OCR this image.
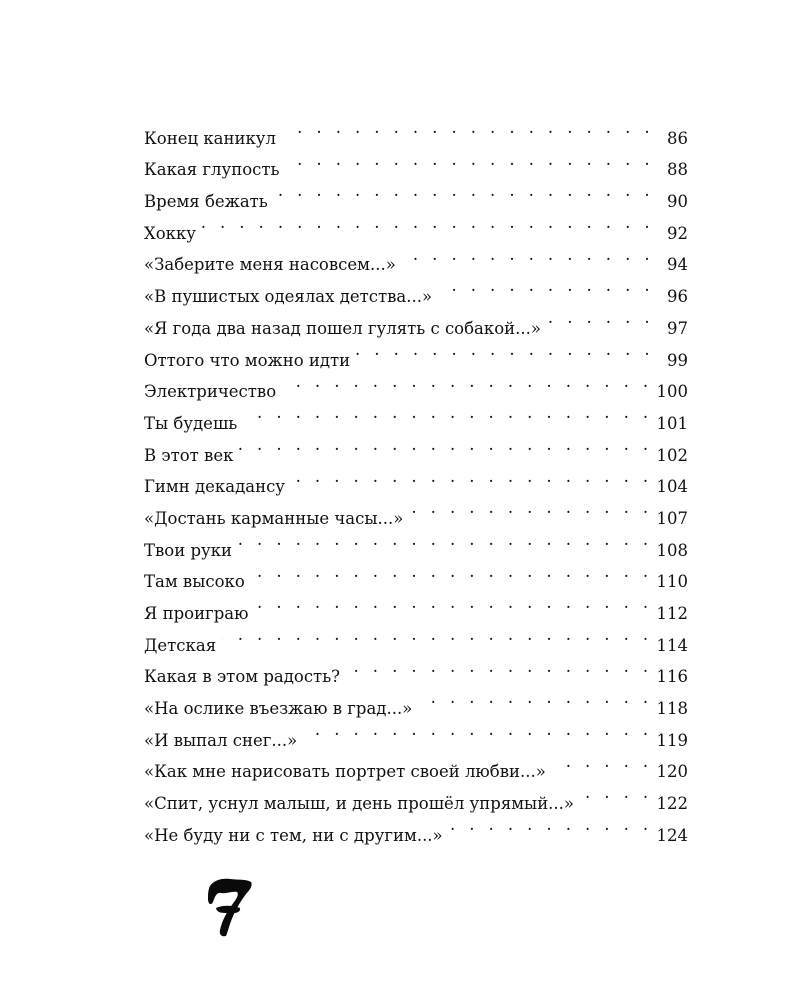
Конец каникул . . .	86
Какая глупость . . .	88
Время бежать . . .	90
Хокку . . .	92
«Заберите меня насовсем...» . . .	94
«В пушистых одеялах детства...» . . .	96
«Я года два назад пошел гулять с собакой...» . . .	97
Оттого что можно идти . . .	99
Электричество . . .	100
Ты будешь . . .	101
В этот век . . .	102
Гимн декадансу . . .	104
«Достань карманные часы...» . . .	107
Твои руки . . .	108
Там высоко . . .	110
Я проиграю . . .	112
Детская . . .	114
Какая в этом радость? . . .	116
«На ослике въезжаю в град...» . . .	118
«И выпал снег...» . . .	119
«Как мне нарисовать портрет своей любви...» . . .	120
«Спит, уснул малыш, и день прошёл упрямый...» . . .	122
«Не буду ни с тем, ни с другим...» . . .	124
